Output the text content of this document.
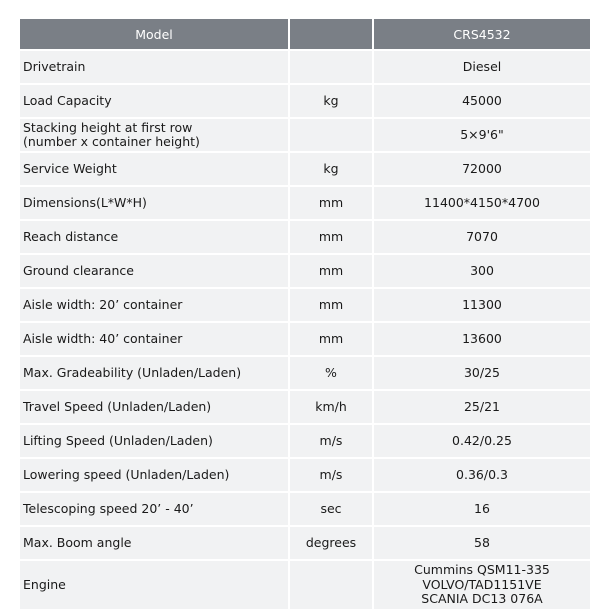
Model		CRS4532
Drivetrain		Diesel
Load Capacity	kg	45000

Stacking height at first row
(number x container height)		5×9'6"
Service Weight	kg	72000
Dimensions(L*W*H)	mm	11400*4150*4700
Reach distance	mm	7070
Ground clearance	mm	300
Aisle width: 20’ container	mm	11300
Aisle width: 40’ container	mm	13600
Max. Gradeability (Unladen/Laden)	%	30/25
Travel Speed (Unladen/Laden)	km/h	25/21
Lifting Speed (Unladen/Laden)	m/s	0.42/0.25
Lowering speed (Unladen/Laden)	m/s	0.36/0.3
Telescoping speed 20’ - 40’	sec	16
Max. Boom angle	degrees	58
Engine		Cummins QSM11-335
VOLVO/TAD1151VE
SCANIA DC13 076A
